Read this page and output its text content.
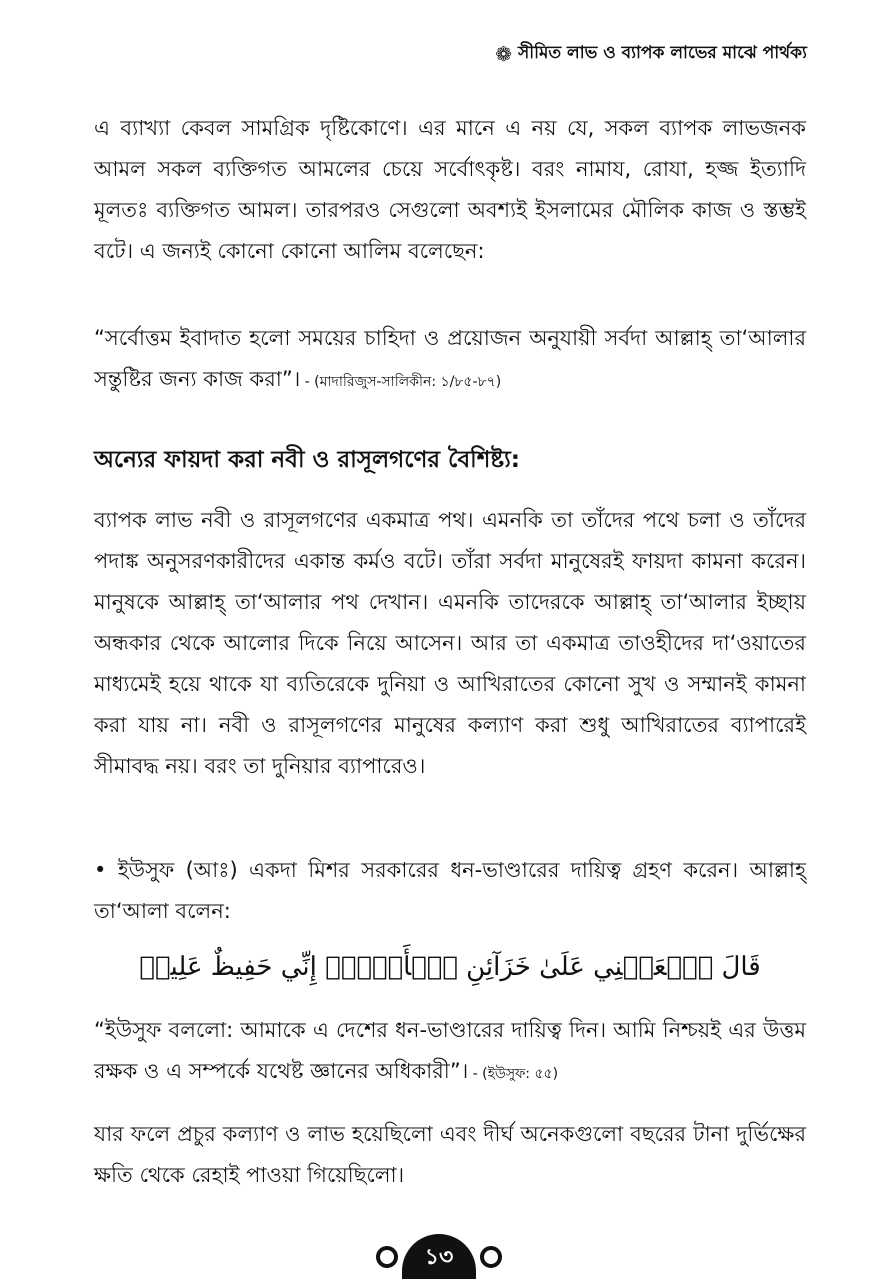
❁ সীমিত লাভ ও ব্যাপক লাভের মাঝে পার্থক্য
এ ব্যাখ্যা কেবল সামগ্রিক দৃষ্টিকোণে। এর মানে এ নয় যে, সকল ব্যাপক লাভজনক আমল সকল ব্যক্তিগত আমলের চেয়ে সর্বোৎকৃষ্ট। বরং নামায, রোযা, হজ্জ ইত্যাদি মূলতঃ ব্যক্তিগত আমল। তারপরও সেগুলো অবশ্যই ইসলামের মৌলিক কাজ ও স্তম্ভই বটে। এ জন্যই কোনো কোনো আলিম বলেছেন:
“সর্বোত্তম ইবাদাত হলো সময়ের চাহিদা ও প্রয়োজন অনুযায়ী সর্বদা আল্লাহ্ তা‘আলার সন্তুষ্টির জন্য কাজ করা”। - (মাদারিজুস-সালিকীন: ১/৮৫-৮৭)
অন্যের ফায়দা করা নবী ও রাসূলগণের বৈশিষ্ট্য:
ব্যাপক লাভ নবী ও রাসূলগণের একমাত্র পথ। এমনকি তা তাঁদের পথে চলা ও তাঁদের পদাঙ্ক অনুসরণকারীদের একান্ত কর্মও বটে। তাঁরা সর্বদা মানুষেরই ফায়দা কামনা করেন। মানুষকে আল্লাহ্ তা‘আলার পথ দেখান। এমনকি তাদেরকে আল্লাহ্ তা‘আলার ইচ্ছায় অন্ধকার থেকে আলোর দিকে নিয়ে আসেন। আর তা একমাত্র তাওহীদের দা‘ওয়াতের মাধ্যমেই হয়ে থাকে যা ব্যতিরেকে দুনিয়া ও আখিরাতের কোনো সুখ ও সম্মানই কামনা করা যায় না। নবী ও রাসূলগণের মানুষের কল্যাণ করা শুধু আখিরাতের ব্যাপারেই সীমাবদ্ধ নয়। বরং তা দুনিয়ার ব্যাপারেও।
• ইউসুফ (আঃ) একদা মিশর সরকারের ধন-ভাণ্ডারের দায়িত্ব গ্রহণ করেন। আল্লাহ্ তা‘আলা বলেন:
قَالَ ٱجۡعَلۡنِي عَلَىٰ خَزَآئِنِ ٱلۡأَرۡضِۖ إِنِّي حَفِيظٌ عَلِيمٞ
“ইউসুফ বললো: আমাকে এ দেশের ধন-ভাণ্ডারের দায়িত্ব দিন। আমি নিশ্চয়ই এর উত্তম রক্ষক ও এ সম্পর্কে যথেষ্ট জ্ঞানের অধিকারী”। - (ইউসুফ: ৫৫)
যার ফলে প্রচুর কল্যাণ ও লাভ হয়েছিলো এবং দীর্ঘ অনেকগুলো বছরের টানা দুর্ভিক্ষের ক্ষতি থেকে রেহাই পাওয়া গিয়েছিলো।
১৩
